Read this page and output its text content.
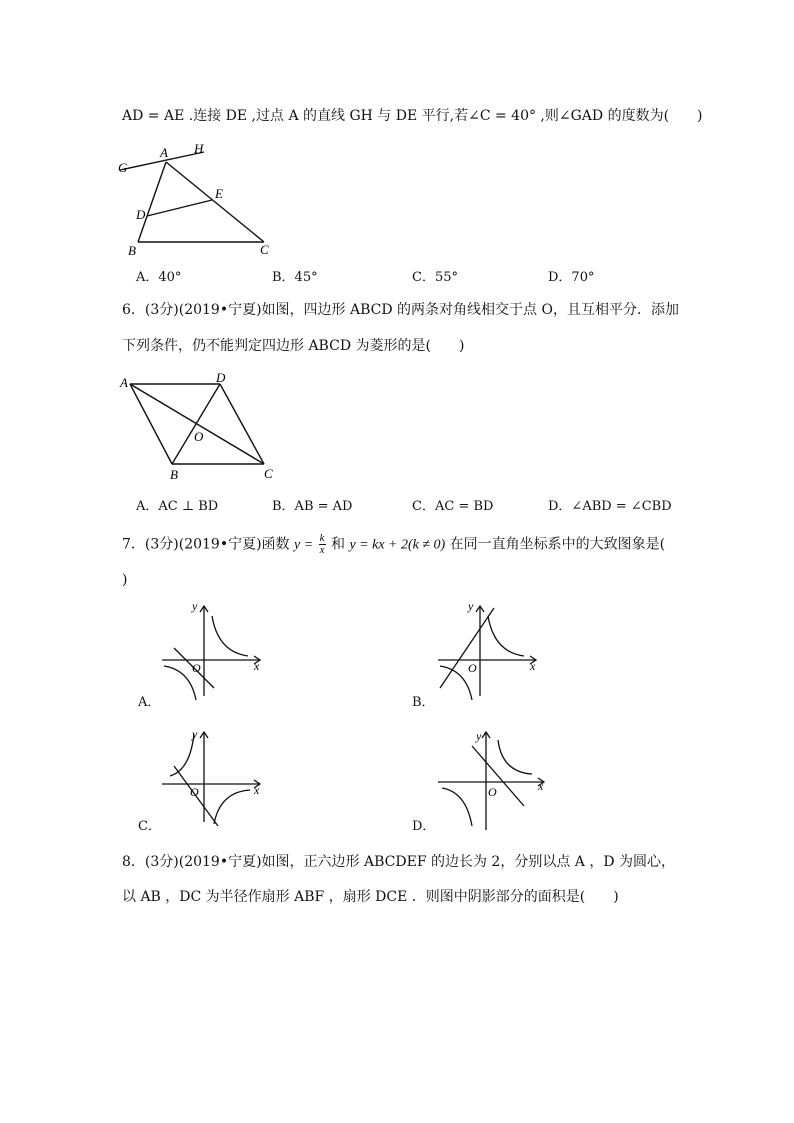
AD = AE .连接 DE ,过点 A 的直线 GH 与 DE 平行,若∠C = 40° ,则∠GAD 的度数为(　　)
G
A H
D
E
B	C
A．40°	B．45°	C．55°	D．70°
6．(3分)(2019•宁夏)如图，四边形 ABCD 的两条对角线相交于点 O，且互相平分．添加
下列条件，仍不能判定四边形 ABCD 为菱形的是(　　)
A	D
O
B	C
A．AC ⊥ BD	B．AB = AD	C．AC = BD	D．∠ABD = ∠CBD
7．(3分)(2019•宁夏)函数 $y = \frac{k}{x}$ 和 y = kx + 2(k ≠ 0) 在同一直角坐标系中的大致图象是(
)
y
x
O
A．
y
x
O
B．
y
x
O
C．
y
x
O
D．
8．(3分)(2019•宁夏)如图，正六边形 ABCDEF 的边长为 2，分别以点 A ，D 为圆心，
以 AB ，DC 为半径作扇形 ABF ，扇形 DCE ．则图中阴影部分的面积是(　　)
